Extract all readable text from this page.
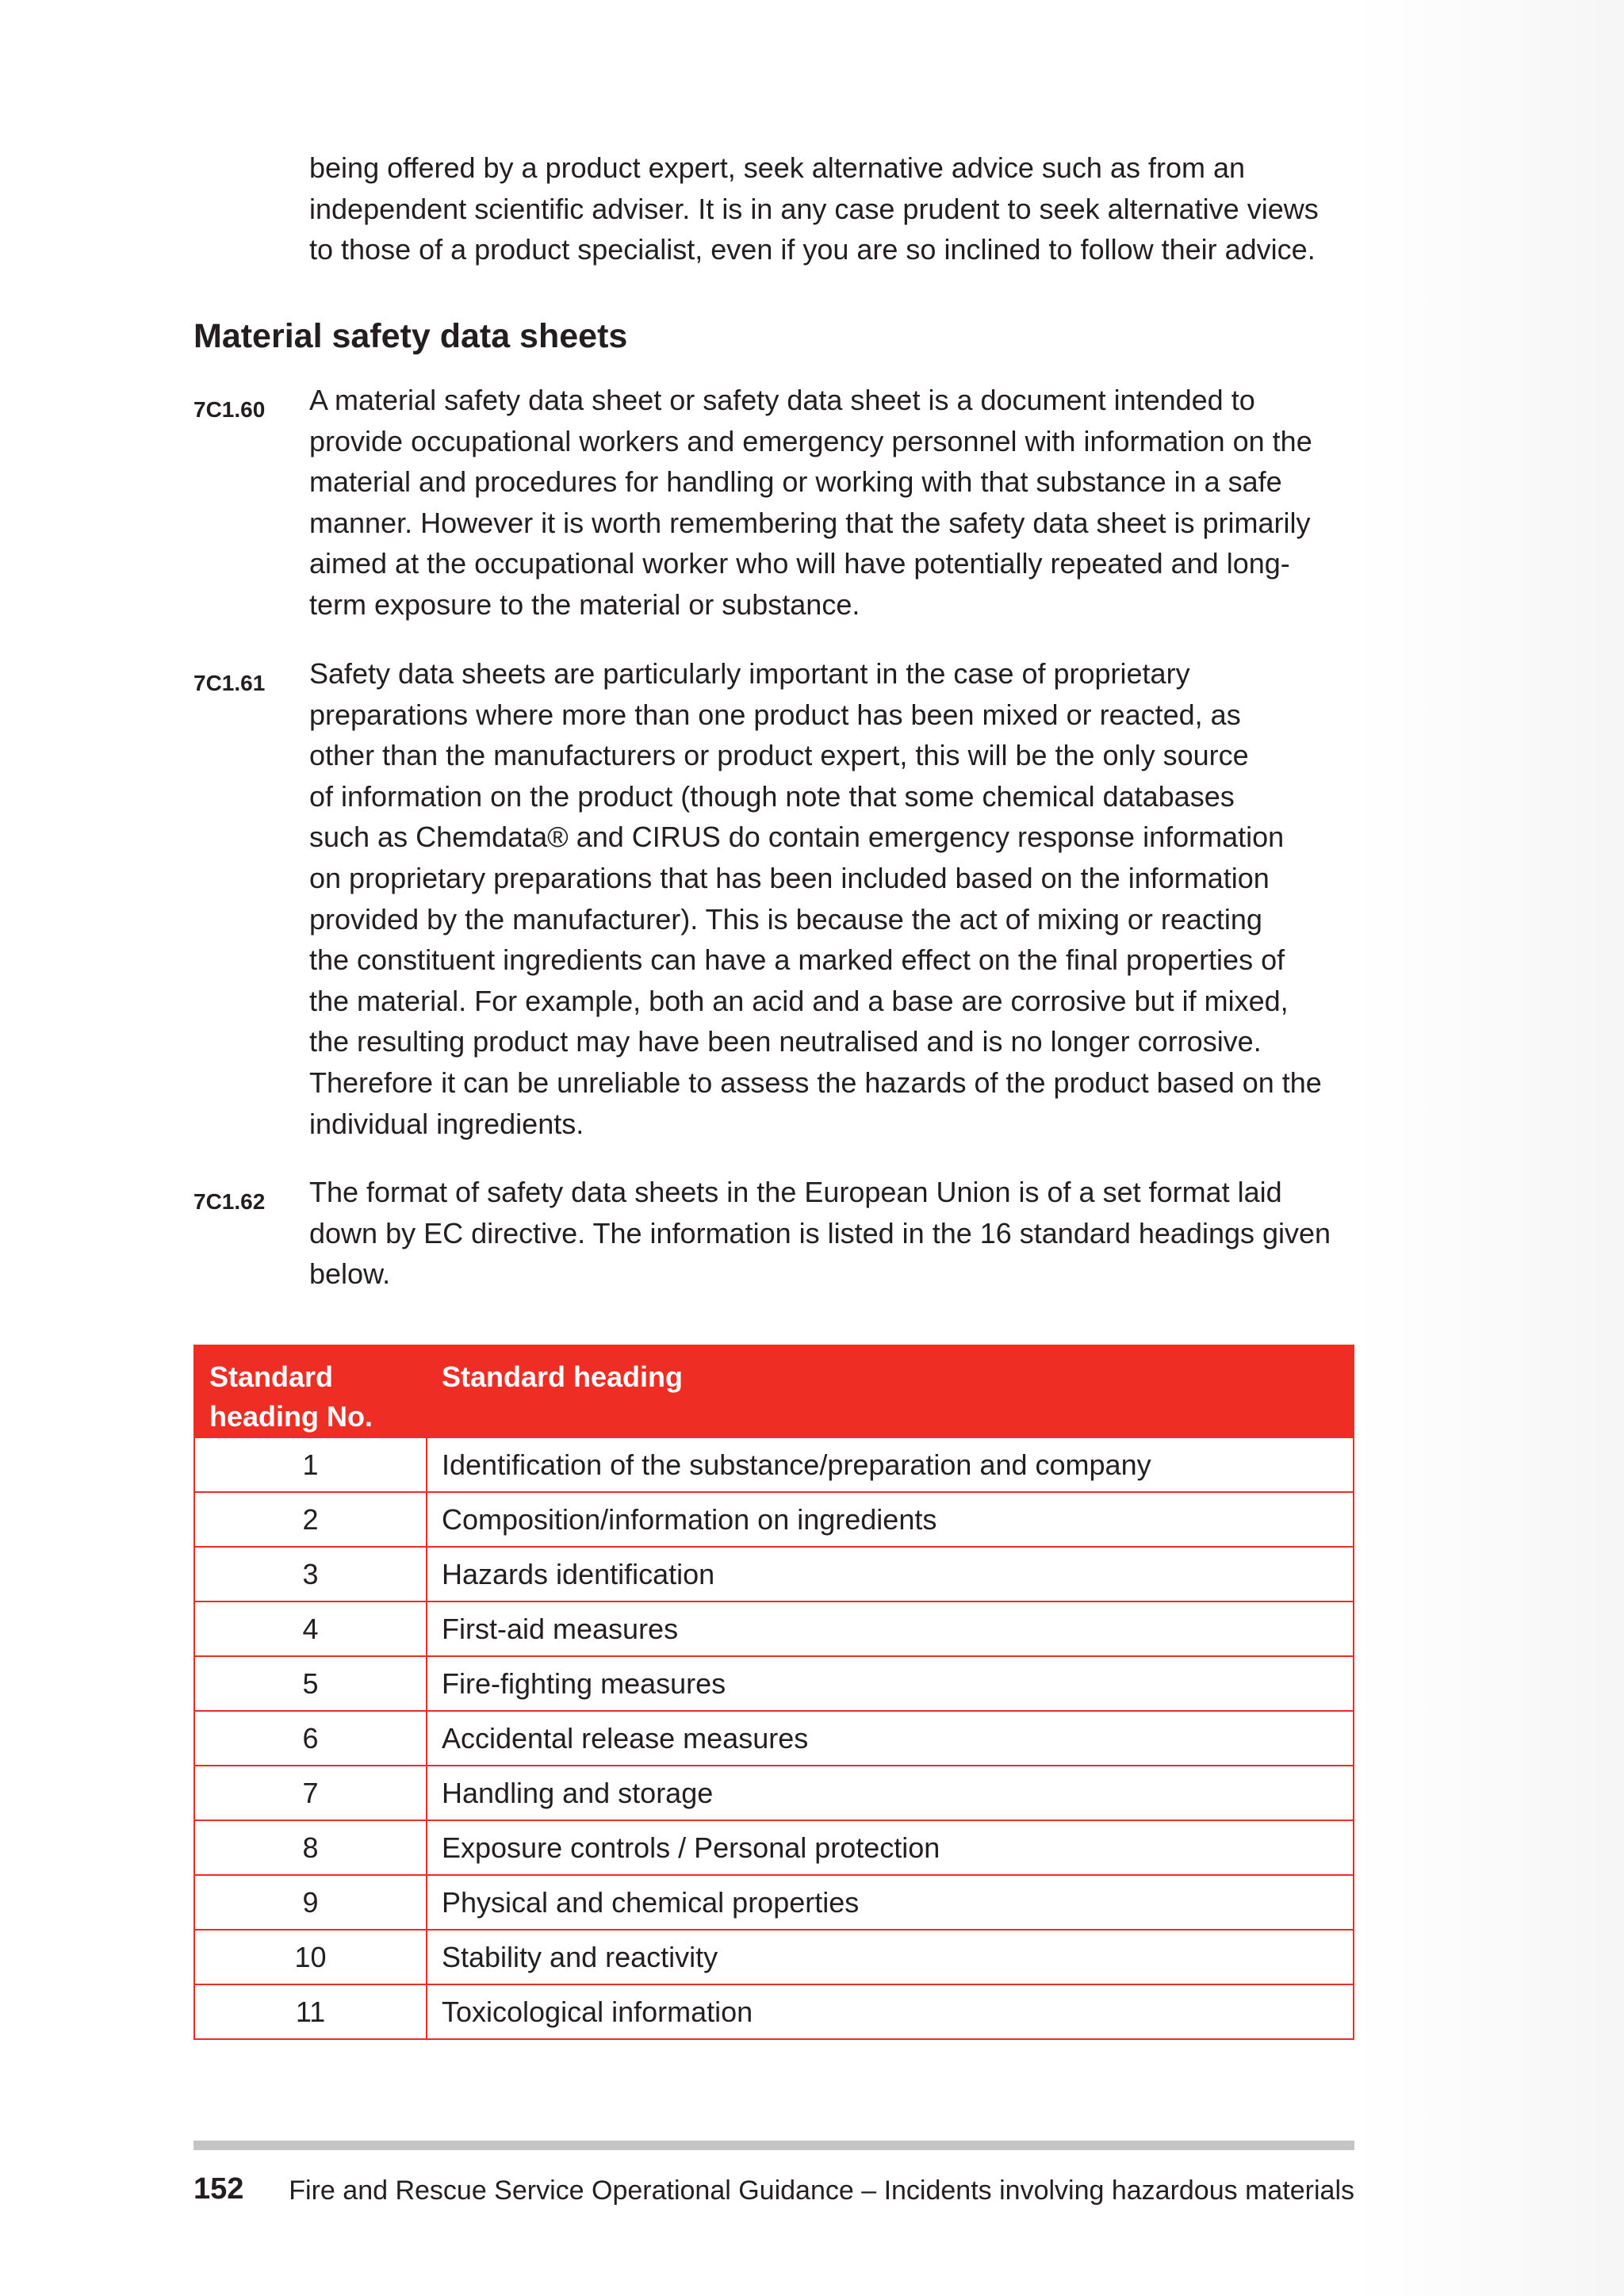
being offered by a product expert, seek alternative advice such as from an
independent scientific adviser. It is in any case prudent to seek alternative views
to those of a product specialist, even if you are so inclined to follow their advice.
Material safety data sheets
7C1.60 A material safety data sheet or safety data sheet is a document intended to
provide occupational workers and emergency personnel with information on the
material and procedures for handling or working with that substance in a safe
manner. However it is worth remembering that the safety data sheet is primarily
aimed at the occupational worker who will have potentially repeated and long-
term exposure to the material or substance.
7C1.61 Safety data sheets are particularly important in the case of proprietary
preparations where more than one product has been mixed or reacted, as
other than the manufacturers or product expert, this will be the only source
of information on the product (though note that some chemical databases
such as Chemdata® and CIRUS do contain emergency response information
on proprietary preparations that has been included based on the information
provided by the manufacturer). This is because the act of mixing or reacting
the constituent ingredients can have a marked effect on the final properties of
the material. For example, both an acid and a base are corrosive but if mixed,
the resulting product may have been neutralised and is no longer corrosive.
Therefore it can be unreliable to assess the hazards of the product based on the
individual ingredients.
7C1.62 The format of safety data sheets in the European Union is of a set format laid
down by EC directive. The information is listed in the 16 standard headings given
below.
Standard
heading No.	Standard heading
1	Identification of the substance/preparation and company
2	Composition/information on ingredients
3	Hazards identification
4	First-aid measures
5	Fire-fighting measures
6	Accidental release measures
7	Handling and storage
8	Exposure controls / Personal protection
9	Physical and chemical properties
10	Stability and reactivity
11	Toxicological information
152 Fire and Rescue Service Operational Guidance – Incidents involving hazardous materials
